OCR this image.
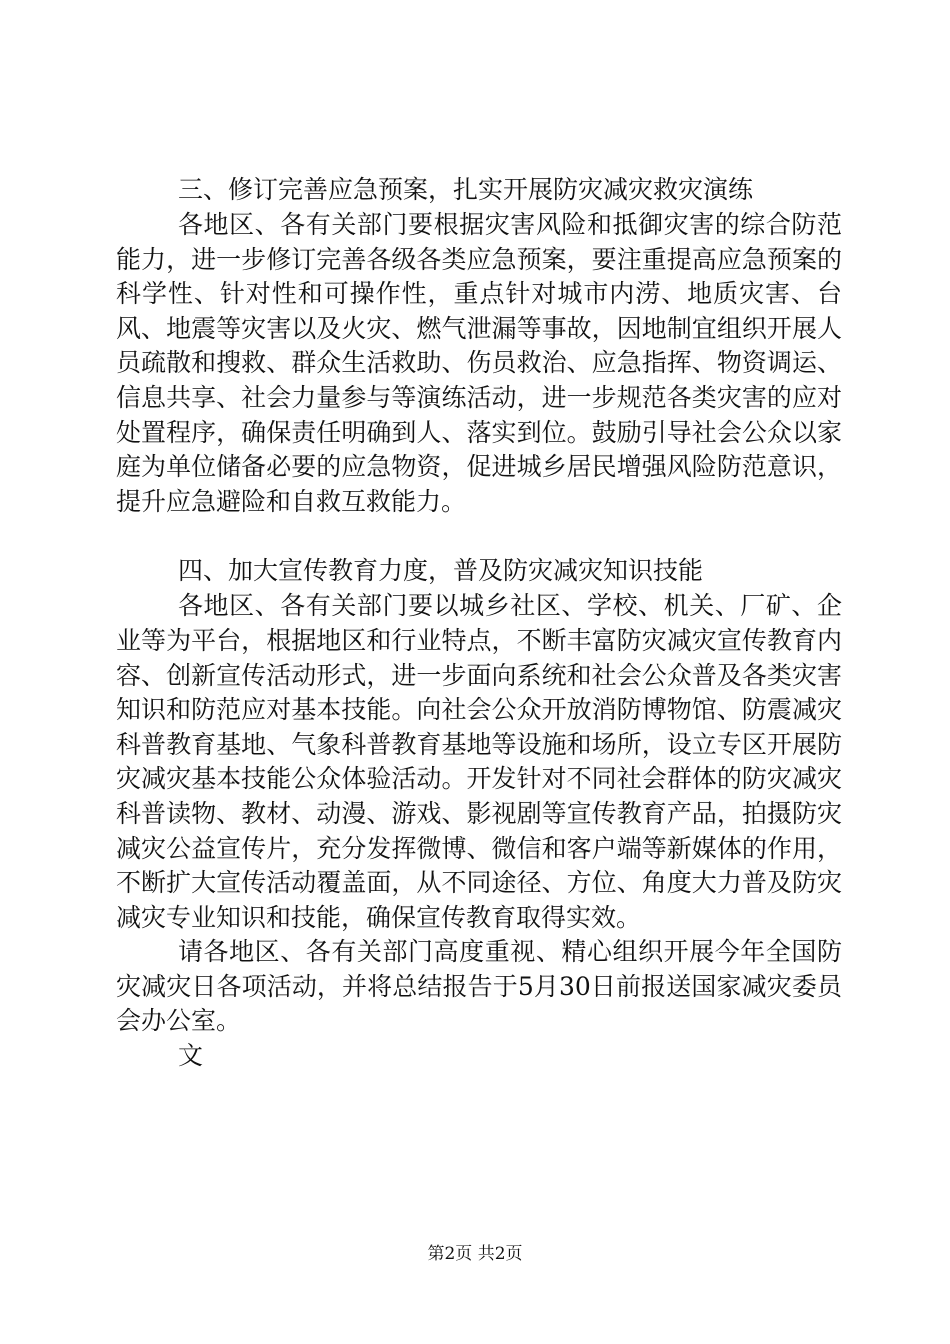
三、修订完善应急预案，扎实开展防灾减灾救灾演练

各地区、各有关部门要根据灾害风险和抵御灾害的综合防范能力，进一步修订完善各级各类应急预案，要注重提高应急预案的科学性、针对性和可操作性，重点针对城市内涝、地质灾害、台风、地震等灾害以及火灾、燃气泄漏等事故，因地制宜组织开展人员疏散和搜救、群众生活救助、伤员救治、应急指挥、物资调运、信息共享、社会力量参与等演练活动，进一步规范各类灾害的应对处置程序，确保责任明确到人、落实到位。鼓励引导社会公众以家庭为单位储备必要的应急物资，促进城乡居民增强风险防范意识，提升应急避险和自救互救能力。

四、加大宣传教育力度，普及防灾减灾知识技能

各地区、各有关部门要以城乡社区、学校、机关、厂矿、企业等为平台，根据地区和行业特点，不断丰富防灾减灾宣传教育内容、创新宣传活动形式，进一步面向系统和社会公众普及各类灾害知识和防范应对基本技能。向社会公众开放消防博物馆、防震减灾科普教育基地、气象科普教育基地等设施和场所，设立专区开展防灾减灾基本技能公众体验活动。开发针对不同社会群体的防灾减灾科普读物、教材、动漫、游戏、影视剧等宣传教育产品，拍摄防灾减灾公益宣传片，充分发挥微博、微信和客户端等新媒体的作用，不断扩大宣传活动覆盖面，从不同途径、方位、角度大力普及防灾减灾专业知识和技能，确保宣传教育取得实效。

请各地区、各有关部门高度重视、精心组织开展今年全国防灾减灾日各项活动，并将总结报告于5月30日前报送国家减灾委员会办公室。

文

第2页 共2页
